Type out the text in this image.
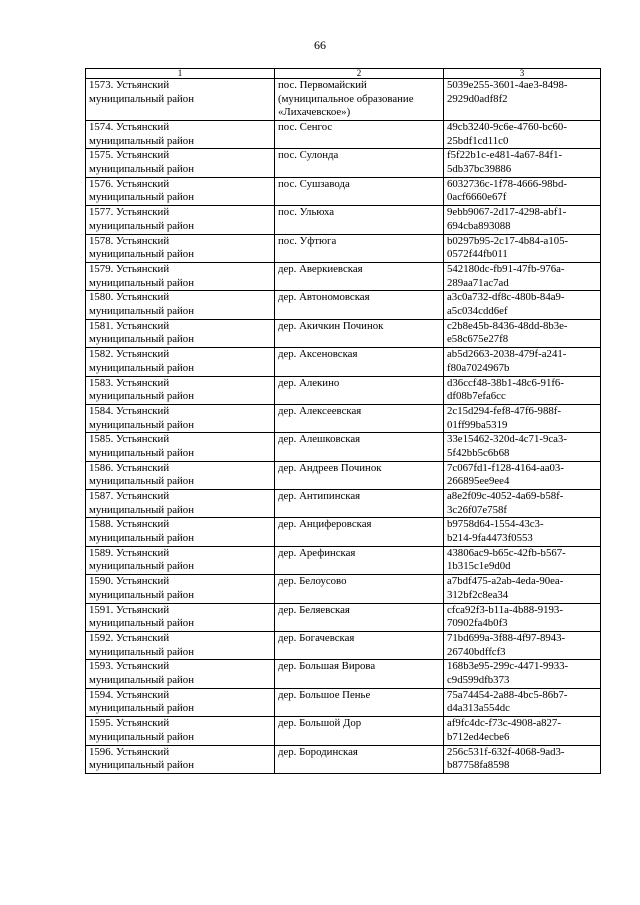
66
1	2	3

1573. Устьянский
муниципальный район	пос. Первомайский
(муниципальное образование
«Лихачевское»)	5039e255-3601-4ae3-8498-
2929d0adf8f2

1574. Устьянский
муниципальный район	пос. Сенгос	49cb3240-9c6e-4760-bc60-
25bdf1cd11c0

1575. Устьянский
муниципальный район	пос. Сулонда	f5f22b1c-e481-4a67-84f1-
5db37bc39886

1576. Устьянский
муниципальный район	пос. Сушзавода	6032736c-1f78-4666-98bd-
0acf6660e67f

1577. Устьянский
муниципальный район	пос. Ульюха	9ebb9067-2d17-4298-abf1-
694cba893088

1578. Устьянский
муниципальный район	пос. Уфтюга	b0297b95-2c17-4b84-a105-
0572f44fb011

1579. Устьянский
муниципальный район	дер. Аверкиевская	542180dc-fb91-47fb-976a-
289aa71ac7ad

1580. Устьянский
муниципальный район	дер. Автономовская	a3c0a732-df8c-480b-84a9-
a5c034cdd6ef

1581. Устьянский
муниципальный район	дер. Акичкин Починок	c2b8e45b-8436-48dd-8b3e-
e58c675e27f8

1582. Устьянский
муниципальный район	дер. Аксеновская	ab5d2663-2038-479f-a241-
f80a7024967b

1583. Устьянский
муниципальный район	дер. Алекино	d36ccf48-38b1-48c6-91f6-
df08b7efa6cc

1584. Устьянский
муниципальный район	дер. Алексеевская	2c15d294-fef8-47f6-988f-
01ff99ba5319

1585. Устьянский
муниципальный район	дер. Алешковская	33e15462-320d-4c71-9ca3-
5f42bb5c6b68

1586. Устьянский
муниципальный район	дер. Андреев Починок	7c067fd1-f128-4164-aa03-
266895ee9ee4

1587. Устьянский
муниципальный район	дер. Антипинская	a8e2f09c-4052-4a69-b58f-
3c26f07e758f

1588. Устьянский
муниципальный район	дер. Анциферовская	b9758d64-1554-43c3-
b214-9fa4473f0553

1589. Устьянский
муниципальный район	дер. Арефинская	43806ac9-b65c-42fb-b567-
1b315c1e9d0d

1590. Устьянский
муниципальный район	дер. Белоусово	a7bdf475-a2ab-4eda-90ea-
312bf2c8ea34

1591. Устьянский
муниципальный район	дер. Беляевская	cfca92f3-b11a-4b88-9193-
70902fa4b0f3

1592. Устьянский
муниципальный район	дер. Богачевская	71bd699a-3f88-4f97-8943-
26740bdffcf3

1593. Устьянский
муниципальный район	дер. Большая Вирова	168b3e95-299c-4471-9933-
c9d599dfb373

1594. Устьянский
муниципальный район	дер. Большое Пенье	75a74454-2a88-4bc5-86b7-
d4a313a554dc

1595. Устьянский
муниципальный район	дер. Большой Дор	af9fc4dc-f73c-4908-a827-
b712ed4ecbe6

1596. Устьянский
муниципальный район	дер. Бородинская	256c531f-632f-4068-9ad3-
b87758fa8598
